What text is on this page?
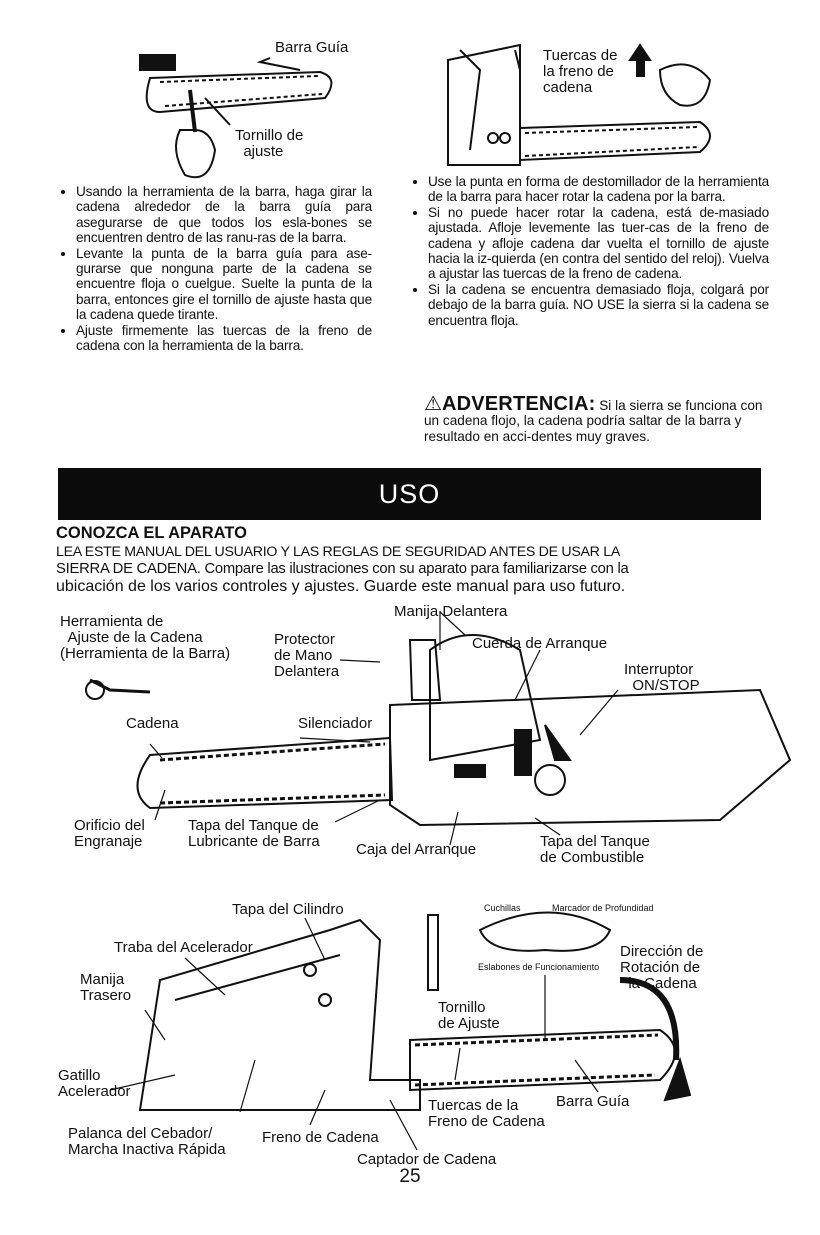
Barra Guía
Tornillo de
ajuste
Tuercas de
la freno de
cadena
• Usando la herramienta de la barra, haga girar la cadena alrededor de la barra guía para asegurarse de que todos los esla-bones se encuentren dentro de las ranu-ras de la barra.
• Levante la punta de la barra guía para ase-gurarse que nonguna parte de la cadena se encuentre floja o cuelgue. Suelte la punta de la barra, entonces gire el tornillo de ajuste hasta que la cadena quede tirante.
• Ajuste firmemente las tuercas de la freno de cadena con la herramienta de la barra.
• Use la punta en forma de destomillador de la herramienta de la barra para hacer rotar la cadena por la barra.
• Si no puede hacer rotar la cadena, está de-masiado ajustada. Afloje levemente las tuer-cas de la freno de cadena y afloje cadena dar vuelta el tornillo de ajuste hacia la iz-quierda (en contra del sentido del reloj). Vuelva a ajustar las tuercas de la freno de cadena.
• Si la cadena se encuentra demasiado floja, colgará por debajo de la barra guía. NO USE la sierra si la cadena se encuentra floja.
⚠ADVERTENCIA: Si la sierra se funciona con un cadena flojo, la cadena podría saltar de la barra y resultado en acci-dentes muy graves.
USO
CONOZCA EL APARATO
LEA ESTE MANUAL DEL USUARIO Y LAS REGLAS DE SEGURIDAD ANTES DE USAR LA
SIERRA DE CADENA. Compare las ilustraciones con su aparato para familiarizarse con la
ubicación de los varios controles y ajustes. Guarde este manual para uso futuro.
Herramienta de
Ajuste de la Cadena
(Herramienta de la Barra)
Manija Delantera
Protector
de Mano
Delantera
Cuerda de Arranque
Interruptor
ON/STOP
Cadena	Silenciador
Orificio del
Engranaje
Tapa del Tanque de
Lubricante de Barra Caja del Arranque	Tapa del Tanque
de Combustible
Tapa del Cilindro
Traba del Acelerador
Manija
Trasero
Gatillo
Acelerador
Palanca del Cebador/
Marcha Inactiva Rápida
Freno de Cadena
Captador de Cadena
Tornillo
de Ajuste
Tuercas de la
Freno de Cadena
Barra Guía
Cuchillas	Marcador de Profundidad
Eslabones de Funcionamiento
Dirección de
Rotación de
la Cadena
25
